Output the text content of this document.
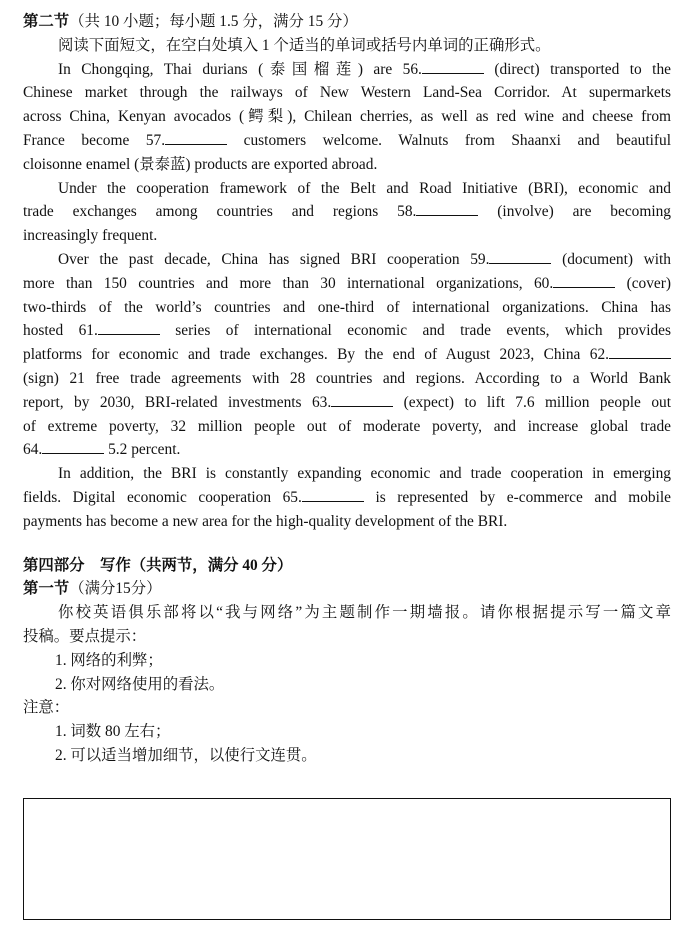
第二节（共 10 小题；每小题 1.5 分，满分 15 分）
阅读下面短文，在空白处填入 1 个适当的单词或括号内单词的正确形式。
In Chongqing, Thai durians (泰国榴莲) are 56.	(direct) transported to the
Chinese market through the railways of New Western Land-Sea Corridor. At supermarkets
across China, Kenyan avocados (鳄梨), Chilean cherries, as well as red wine and cheese from
France become 57.	customers welcome. Walnuts from Shaanxi and beautiful
cloisonne enamel (景泰蓝) products are exported abroad.
Under the cooperation framework of the Belt and Road Initiative (BRI), economic and
trade exchanges among countries and regions 58.	(involve) are becoming
increasingly frequent.
Over the past decade, China has signed BRI cooperation 59.	(document) with
more than 150 countries and more than 30 international organizations, 60.	(cover)
two-thirds of the world’s countries and one-third of international organizations. China has
hosted 61.	series of international economic and trade events, which provides
platforms for economic and trade exchanges. By the end of August 2023, China 62.
(sign) 21 free trade agreements with 28 countries and regions. According to a World Bank
report, by 2030, BRI-related investments 63.	(expect) to lift 7.6 million people out
of extreme poverty, 32 million people out of moderate poverty, and increase global trade
64.	5.2 percent.
In addition, the BRI is constantly expanding economic and trade cooperation in emerging
fields. Digital economic cooperation 65.	is represented by e-commerce and mobile
payments has become a new area for the high-quality development of the BRI.
第四部分　写作（共两节，满分 40 分）
第一节（满分15分）
你校英语俱乐部将以“我与网络”为主题制作一期墙报。请你根据提示写一篇文章
投稿。要点提示：
1. 网络的利弊；
2. 你对网络使用的看法。
注意：
1. 词数 80 左右；
2. 可以适当增加细节，以使行文连贯。
